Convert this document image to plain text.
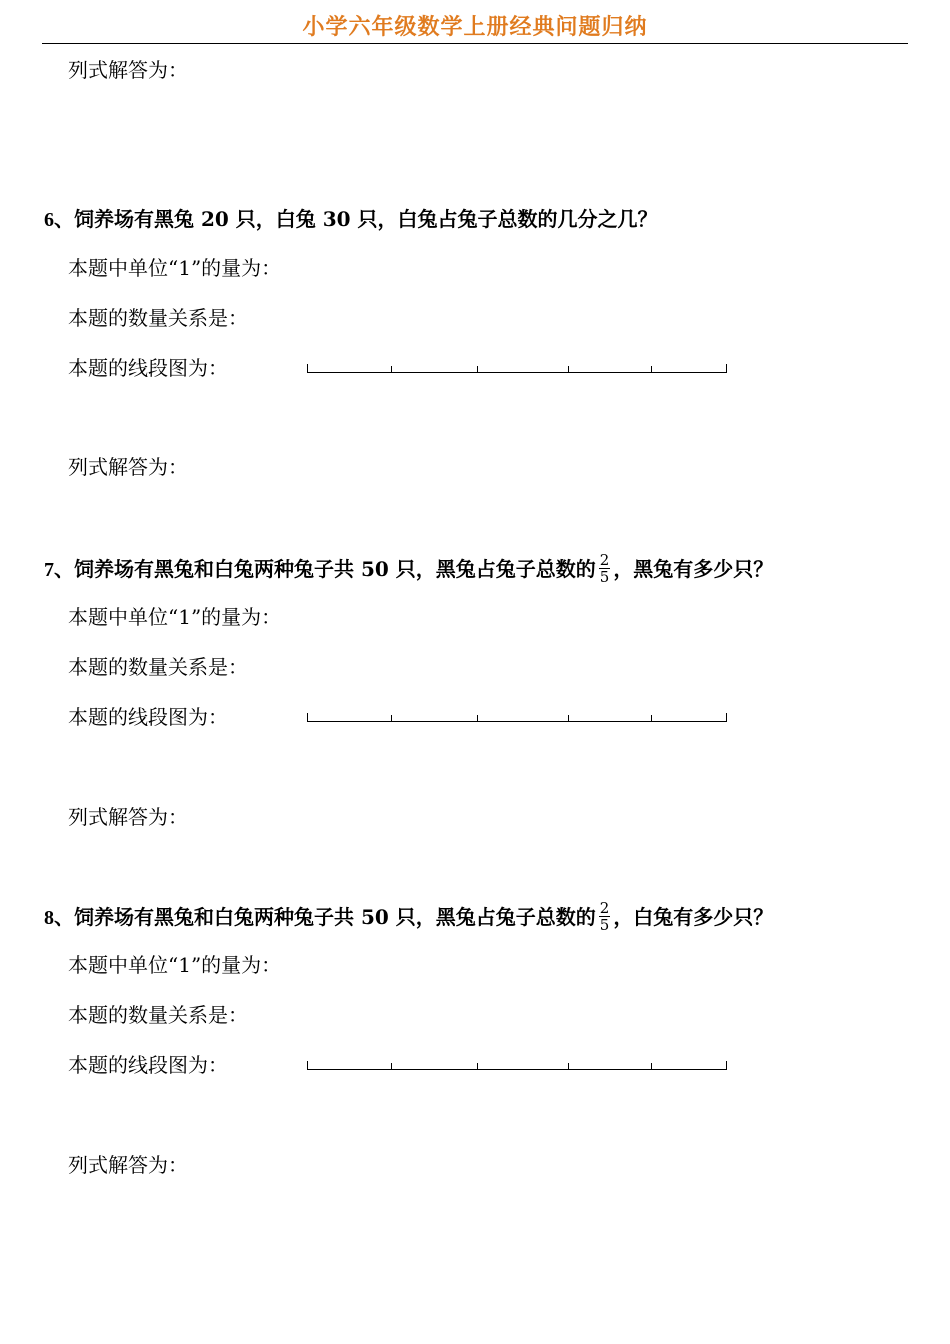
小学六年级数学上册经典问题归纳
列式解答为：
6、饲养场有黑兔 20 只，白兔 30 只，白兔占兔子总数的几分之几？
本题中单位“1”的量为：
本题的数量关系是：
本题的线段图为：
列式解答为：
7、饲养场有黑兔和白兔两种兔子共 50 只，黑兔占兔子总数的 $\frac{2}{5}$ ，黑兔有多少只？
本题中单位“1”的量为：
本题的数量关系是：
本题的线段图为：
列式解答为：
8、饲养场有黑兔和白兔两种兔子共 50 只，黑兔占兔子总数的 $\frac{2}{5}$ ，白兔有多少只？
本题中单位“1”的量为：
本题的数量关系是：
本题的线段图为：
列式解答为：
